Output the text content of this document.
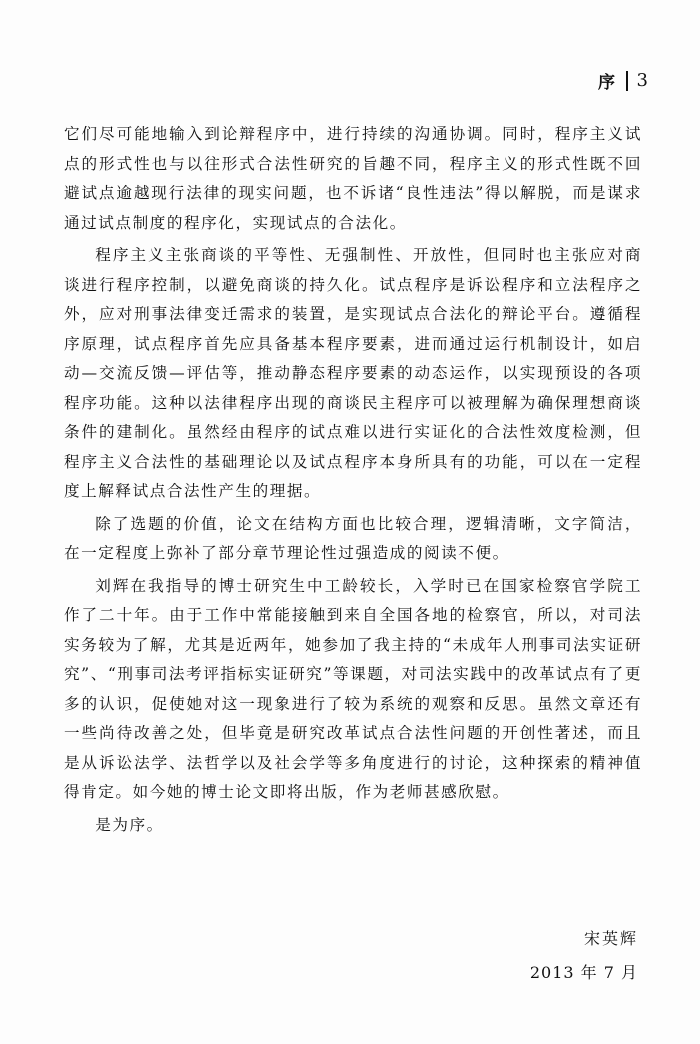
序 3

它们尽可能地输入到论辩程序中，进行持续的沟通协调。同时，程序主义试点的形式性也与以往形式合法性研究的旨趣不同，程序主义的形式性既不回避试点逾越现行法律的现实问题，也不诉诸“良性违法”得以解脱，而是谋求通过试点制度的程序化，实现试点的合法化。

程序主义主张商谈的平等性、无强制性、开放性，但同时也主张应对商谈进行程序控制，以避免商谈的持久化。试点程序是诉讼程序和立法程序之外，应对刑事法律变迁需求的装置，是实现试点合法化的辩论平台。遵循程序原理，试点程序首先应具备基本程序要素，进而通过运行机制设计，如启动—交流反馈—评估等，推动静态程序要素的动态运作，以实现预设的各项程序功能。这种以法律程序出现的商谈民主程序可以被理解为确保理想商谈条件的建制化。虽然经由程序的试点难以进行实证化的合法性效度检测，但程序主义合法性的基础理论以及试点程序本身所具有的功能，可以在一定程度上解释试点合法性产生的理据。

除了选题的价值，论文在结构方面也比较合理，逻辑清晰，文字简洁，在一定程度上弥补了部分章节理论性过强造成的阅读不便。

刘辉在我指导的博士研究生中工龄较长，入学时已在国家检察官学院工作了二十年。由于工作中常能接触到来自全国各地的检察官，所以，对司法实务较为了解，尤其是近两年，她参加了我主持的“未成年人刑事司法实证研究”、“刑事司法考评指标实证研究”等课题，对司法实践中的改革试点有了更多的认识，促使她对这一现象进行了较为系统的观察和反思。虽然文章还有一些尚待改善之处，但毕竟是研究改革试点合法性问题的开创性著述，而且是从诉讼法学、法哲学以及社会学等多角度进行的讨论，这种探索的精神值得肯定。如今她的博士论文即将出版，作为老师甚感欣慰。

是为序。

宋英辉
2013 年 7 月
